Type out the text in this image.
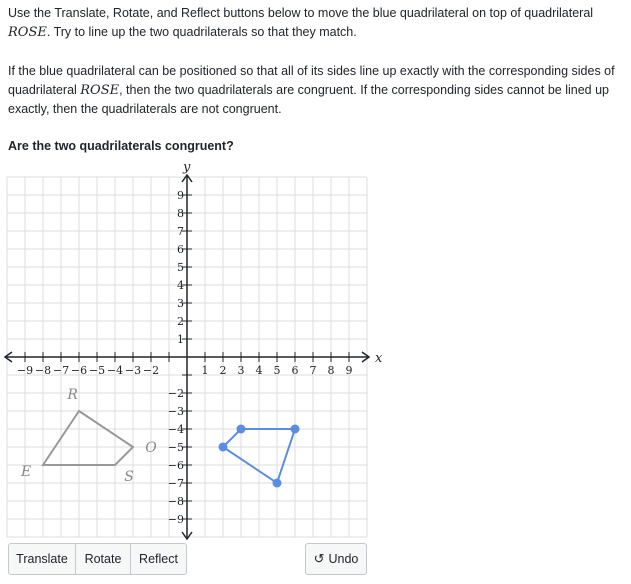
Use the Translate, Rotate, and Reflect buttons below to move the blue quadrilateral on top of quadrilateral ROSE. Try to line up the two quadrilaterals so that they match.

If the blue quadrilateral can be positioned so that all of its sides line up exactly with the corresponding sides of quadrilateral ROSE, then the two quadrilaterals are congruent. If the corresponding sides cannot be lined up exactly, then the quadrilaterals are not congruent.

Are the two quadrilaterals congruent?

−9 −8 −7 −6 −5 −4 −3 −2	1 2 3 4 5 6 7 8 9
9
8
7
6
5
4
3
2
1
−2
−3
−4
−5
−6
−7
−8
−9
x
y
R
O
S
E
Translate Rotate Reflect	↺ Undo
